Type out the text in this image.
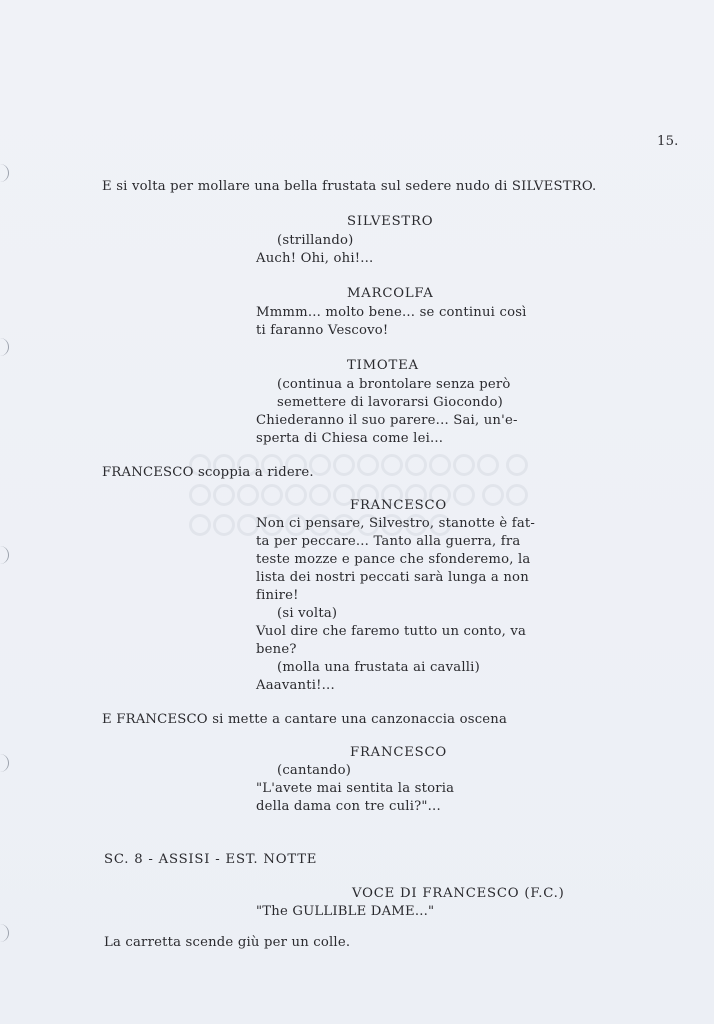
15.
E si volta per mollare una bella frustata sul sedere nudo di SILVESTRO.
SILVESTRO
(strillando)
Auch! Ohi, ohi!...
MARCOLFA
Mmmm... molto bene... se continui così
ti faranno Vescovo!
TIMOTEA
(continua a brontolare senza però
semettere di lavorarsi Giocondo)
Chiederanno il suo parere... Sai, un'e-
sperta di Chiesa come lei...
FRANCESCO scoppia a ridere.
FRANCESCO
Non ci pensare, Silvestro, stanotte è fat-
ta per peccare... Tanto alla guerra, fra
teste mozze e pance che sfonderemo, la
lista dei nostri peccati sarà lunga a non
finire!
(si volta)
Vuol dire che faremo tutto un conto, va
bene?
(molla una frustata ai cavalli)
Aaavanti!...
E FRANCESCO si mette a cantare una canzonaccia oscena
FRANCESCO
(cantando)
"L'avete mai sentita la storia
della dama con tre culi?"...
SC. 8 - ASSISI - EST. NOTTE
VOCE DI FRANCESCO (F.C.)
"The GULLIBLE DAME..."
La carretta scende giù per un colle.
